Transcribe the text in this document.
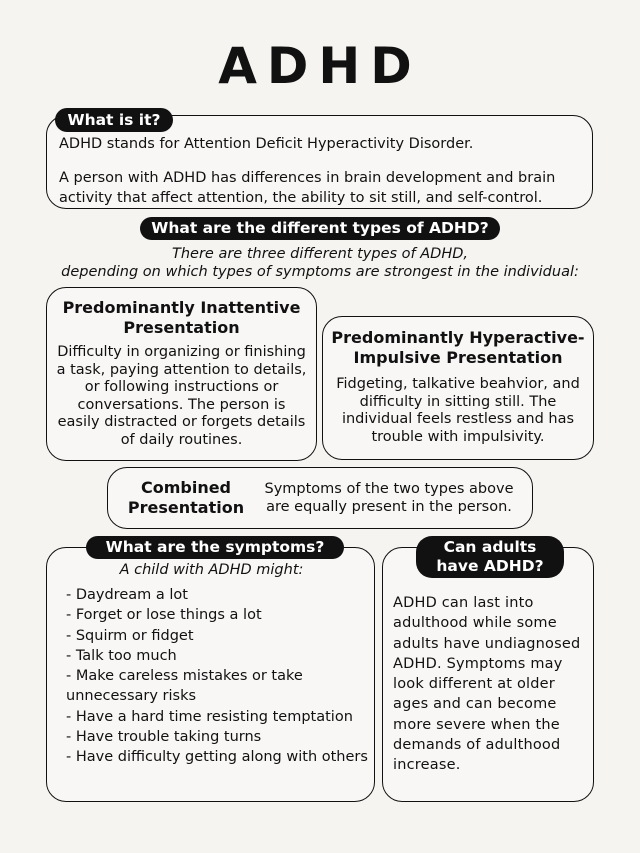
ADHD

ADHD stands for Attention Deficit Hyperactivity Disorder.

A person with ADHD has differences in brain development and brain activity that affect attention, the ability to sit still, and self-control.

What is it?
What are the different types of ADHD?
There are three different types of ADHD,
depending on which types of symptoms are strongest in the individual:
Predominantly Inattentive Presentation

Difficulty in organizing or finishing a task, paying attention to details, or following instructions or conversations. The person is easily distracted or forgets details of daily routines.

Predominantly Hyperactive-Impulsive Presentation

Fidgeting, talkative beahvior, and difficulty in sitting still. The individual feels restless and has trouble with impulsivity.

Combined Presentation

Symptoms of the two types above are equally present in the person.

A child with ADHD might:
- Daydream a lot
- Forget or lose things a lot
- Squirm or fidget
- Talk too much
- Make careless mistakes or take unnecessary risks
- Have a hard time resisting temptation
- Have trouble taking turns
- Have difficulty getting along with others
What are the symptoms?

ADHD can last into adulthood while some adults have undiagnosed ADHD. Symptoms may look different at older ages and can become more severe when the demands of adulthood increase.

Can adults
have ADHD?
